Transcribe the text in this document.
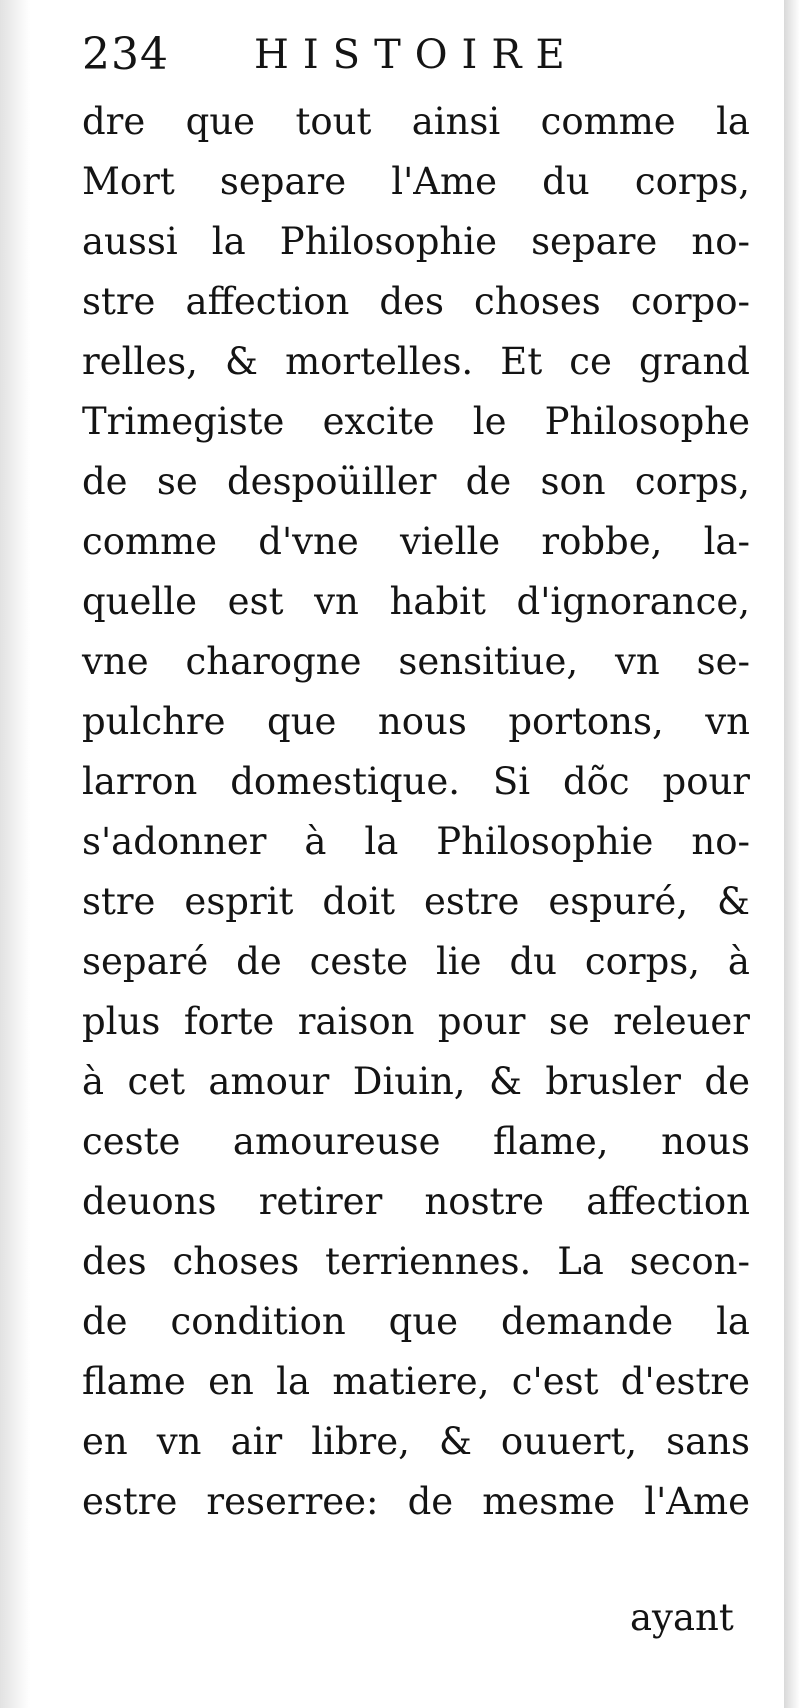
234 HISTOIRE
dre que tout ainsi comme la
Mort separe l'Ame du corps,
aussi la Philosophie separe no-
stre affection des choses corpo-
relles, & mortelles. Et ce grand
Trimegiste excite le Philosophe
de se despoüiller de son corps,
comme d'vne vielle robbe, la-
quelle est vn habit d'ignorance,
vne charogne sensitiue, vn se-
pulchre que nous portons, vn
larron domestique. Si dõc pour
s'adonner à la Philosophie no-
stre esprit doit estre espuré, &
separé de ceste lie du corps, à
plus forte raison pour se releuer
à cet amour Diuin, & brusler de
ceste amoureuse flame, nous
deuons retirer nostre affection
des choses terriennes. La secon-
de condition que demande la
flame en la matiere, c'est d'estre
en vn air libre, & ouuert, sans
estre reserree: de mesme l'Ame
ayant
